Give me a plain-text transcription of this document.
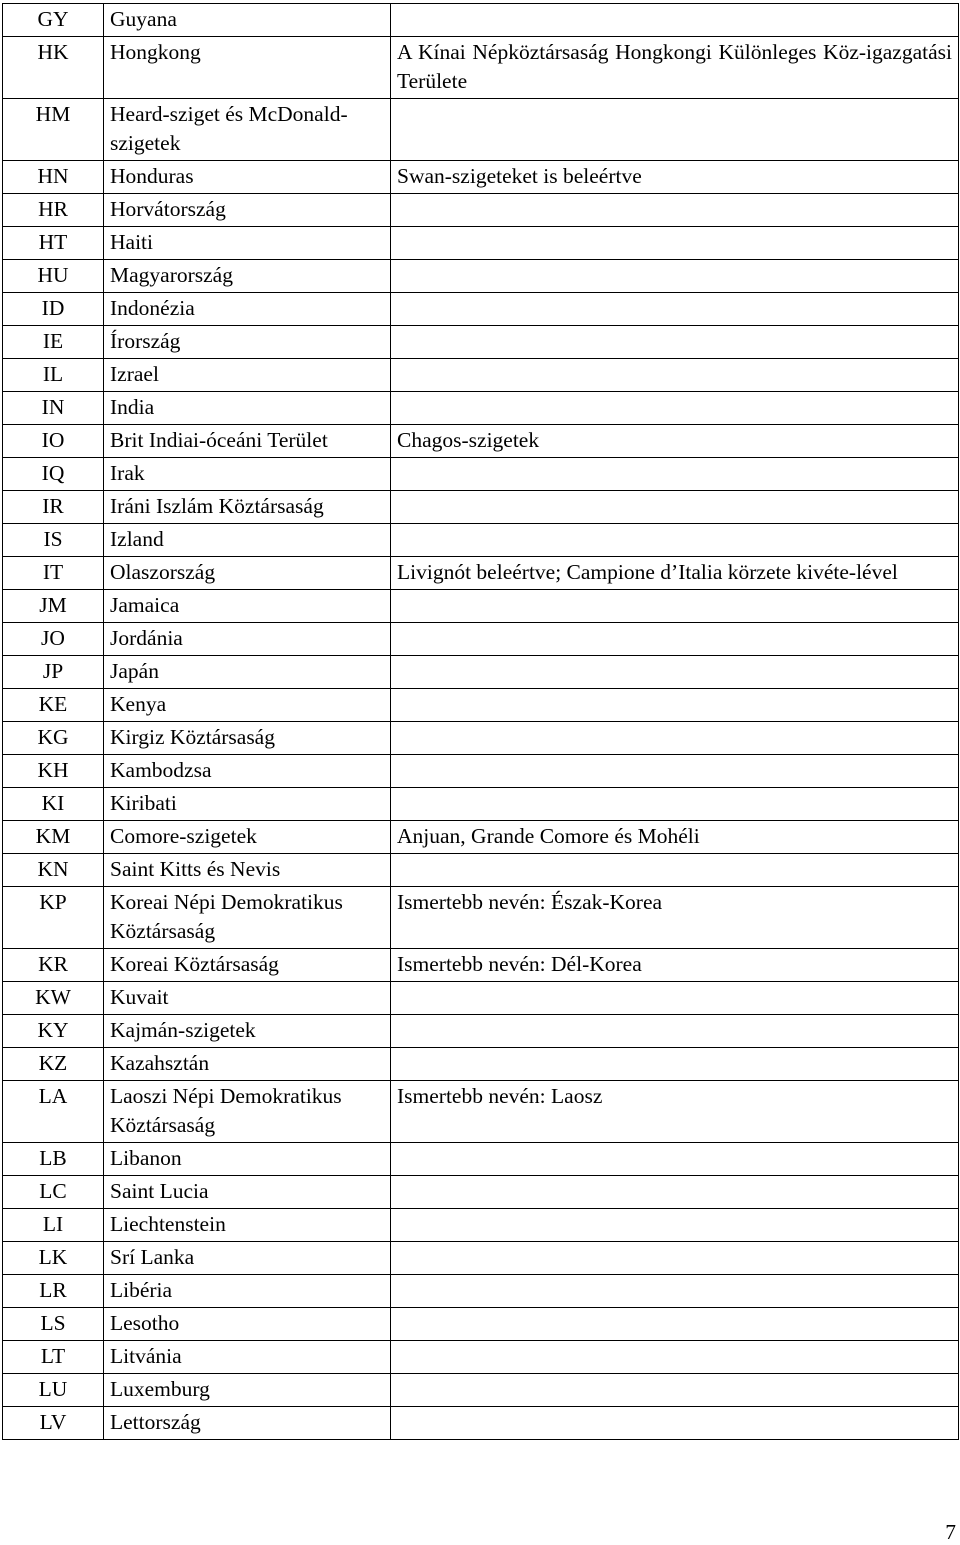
GY	Guyana	
HK	Hongkong	A Kínai Népköztársaság Hongkongi Különleges Köz-igazgatási Területe
HM	Heard-sziget és McDonald-szigetek	
HN	Honduras	Swan-szigeteket is beleértve
HR	Horvátország	
HT	Haiti	
HU	Magyarország	
ID	Indonézia	
IE	Írország	
IL	Izrael	
IN	India	
IO	Brit Indiai-óceáni Terület	Chagos-szigetek
IQ	Irak	
IR	Iráni Iszlám Köztársaság	
IS	Izland	
IT	Olaszország	Livignót beleértve; Campione d’Italia körzete kivéte-lével
JM	Jamaica	
JO	Jordánia	
JP	Japán	
KE	Kenya	
KG	Kirgiz Köztársaság	
KH	Kambodzsa	
KI	Kiribati	
KM	Comore-szigetek	Anjuan, Grande Comore és Mohéli
KN	Saint Kitts és Nevis	
KP	Koreai Népi Demokratikus Köztársaság	Ismertebb nevén: Észak-Korea
KR	Koreai Köztársaság	Ismertebb nevén: Dél-Korea
KW	Kuvait	
KY	Kajmán-szigetek	
KZ	Kazahsztán	
LA	Laoszi Népi Demokratikus Köztársaság	Ismertebb nevén: Laosz
LB	Libanon	
LC	Saint Lucia	
LI	Liechtenstein	
LK	Srí Lanka	
LR	Libéria	
LS	Lesotho	
LT	Litvánia	
LU	Luxemburg	
LV	Lettország	
7
